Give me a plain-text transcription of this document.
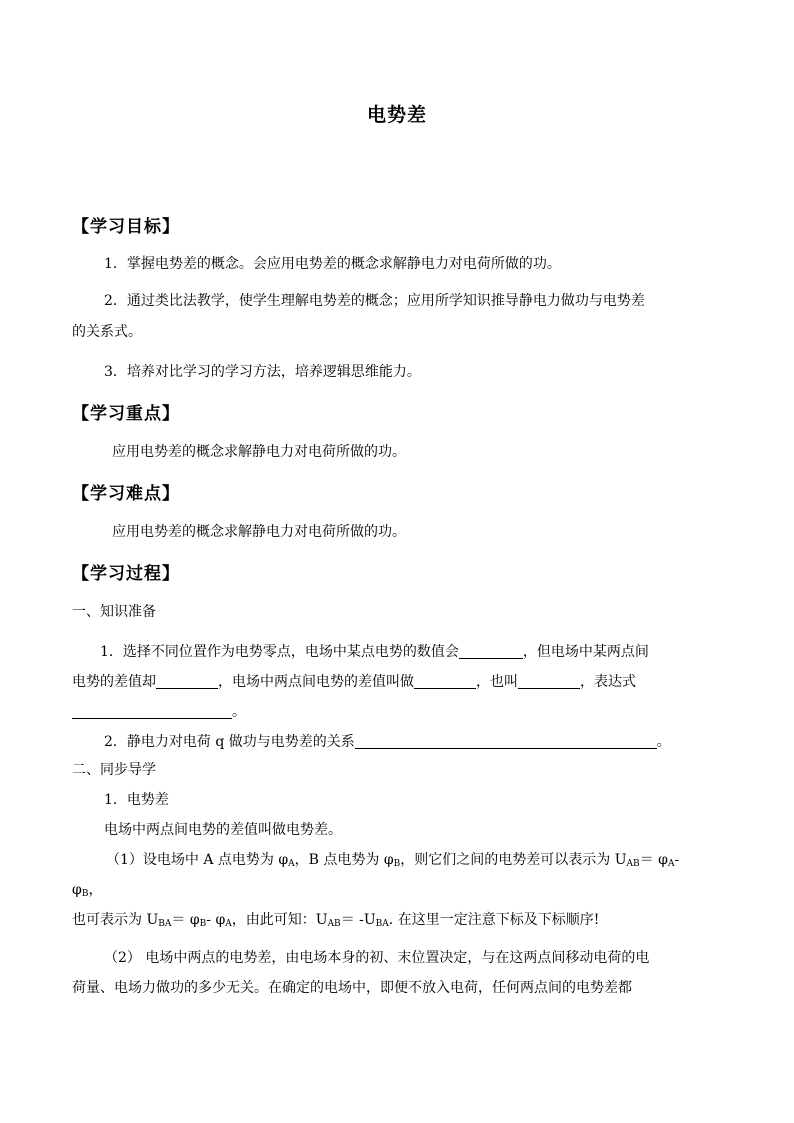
电势差
【学习目标】
1．掌握电势差的概念。会应用电势差的概念求解静电力对电荷所做的功。
2．通过类比法教学，使学生理解电势差的概念；应用所学知识推导静电力做功与电势差
的关系式。
3．培养对比学习的学习方法，培养逻辑思维能力。
【学习重点】
应用电势差的概念求解静电力对电荷所做的功。
【学习难点】
应用电势差的概念求解静电力对电荷所做的功。
【学习过程】
一、知识准备
1．选择不同位置作为电势零点，电场中某点电势的数值会	，但电场中某两点间
电势的差值却	，电场中两点间电势的差值叫做	，也叫	，表达式
。
2．静电力对电荷 q 做功与电势差的关系	。
二、同步导学
1．电势差
电场中两点间电势的差值叫做电势差。
（1）设电场中 A 点电势为 $\varphi_A$，B 点电势为 $\varphi_B$，则它们之间的电势差可以表示为 $U_{AB}= \varphi_A-$
$\varphi_B$，
也可表示为 $U_{BA}= \varphi_B-$ $\varphi_A$，由此可知：$U_{AB}= -U_{BA}$. 在这里一定注意下标及下标顺序!
（2） 电场中两点的电势差，由电场本身的初、末位置决定，与在这两点间移动电荷的电
荷量、电场力做功的多少无关。在确定的电场中，即便不放入电荷，任何两点间的电势差都
